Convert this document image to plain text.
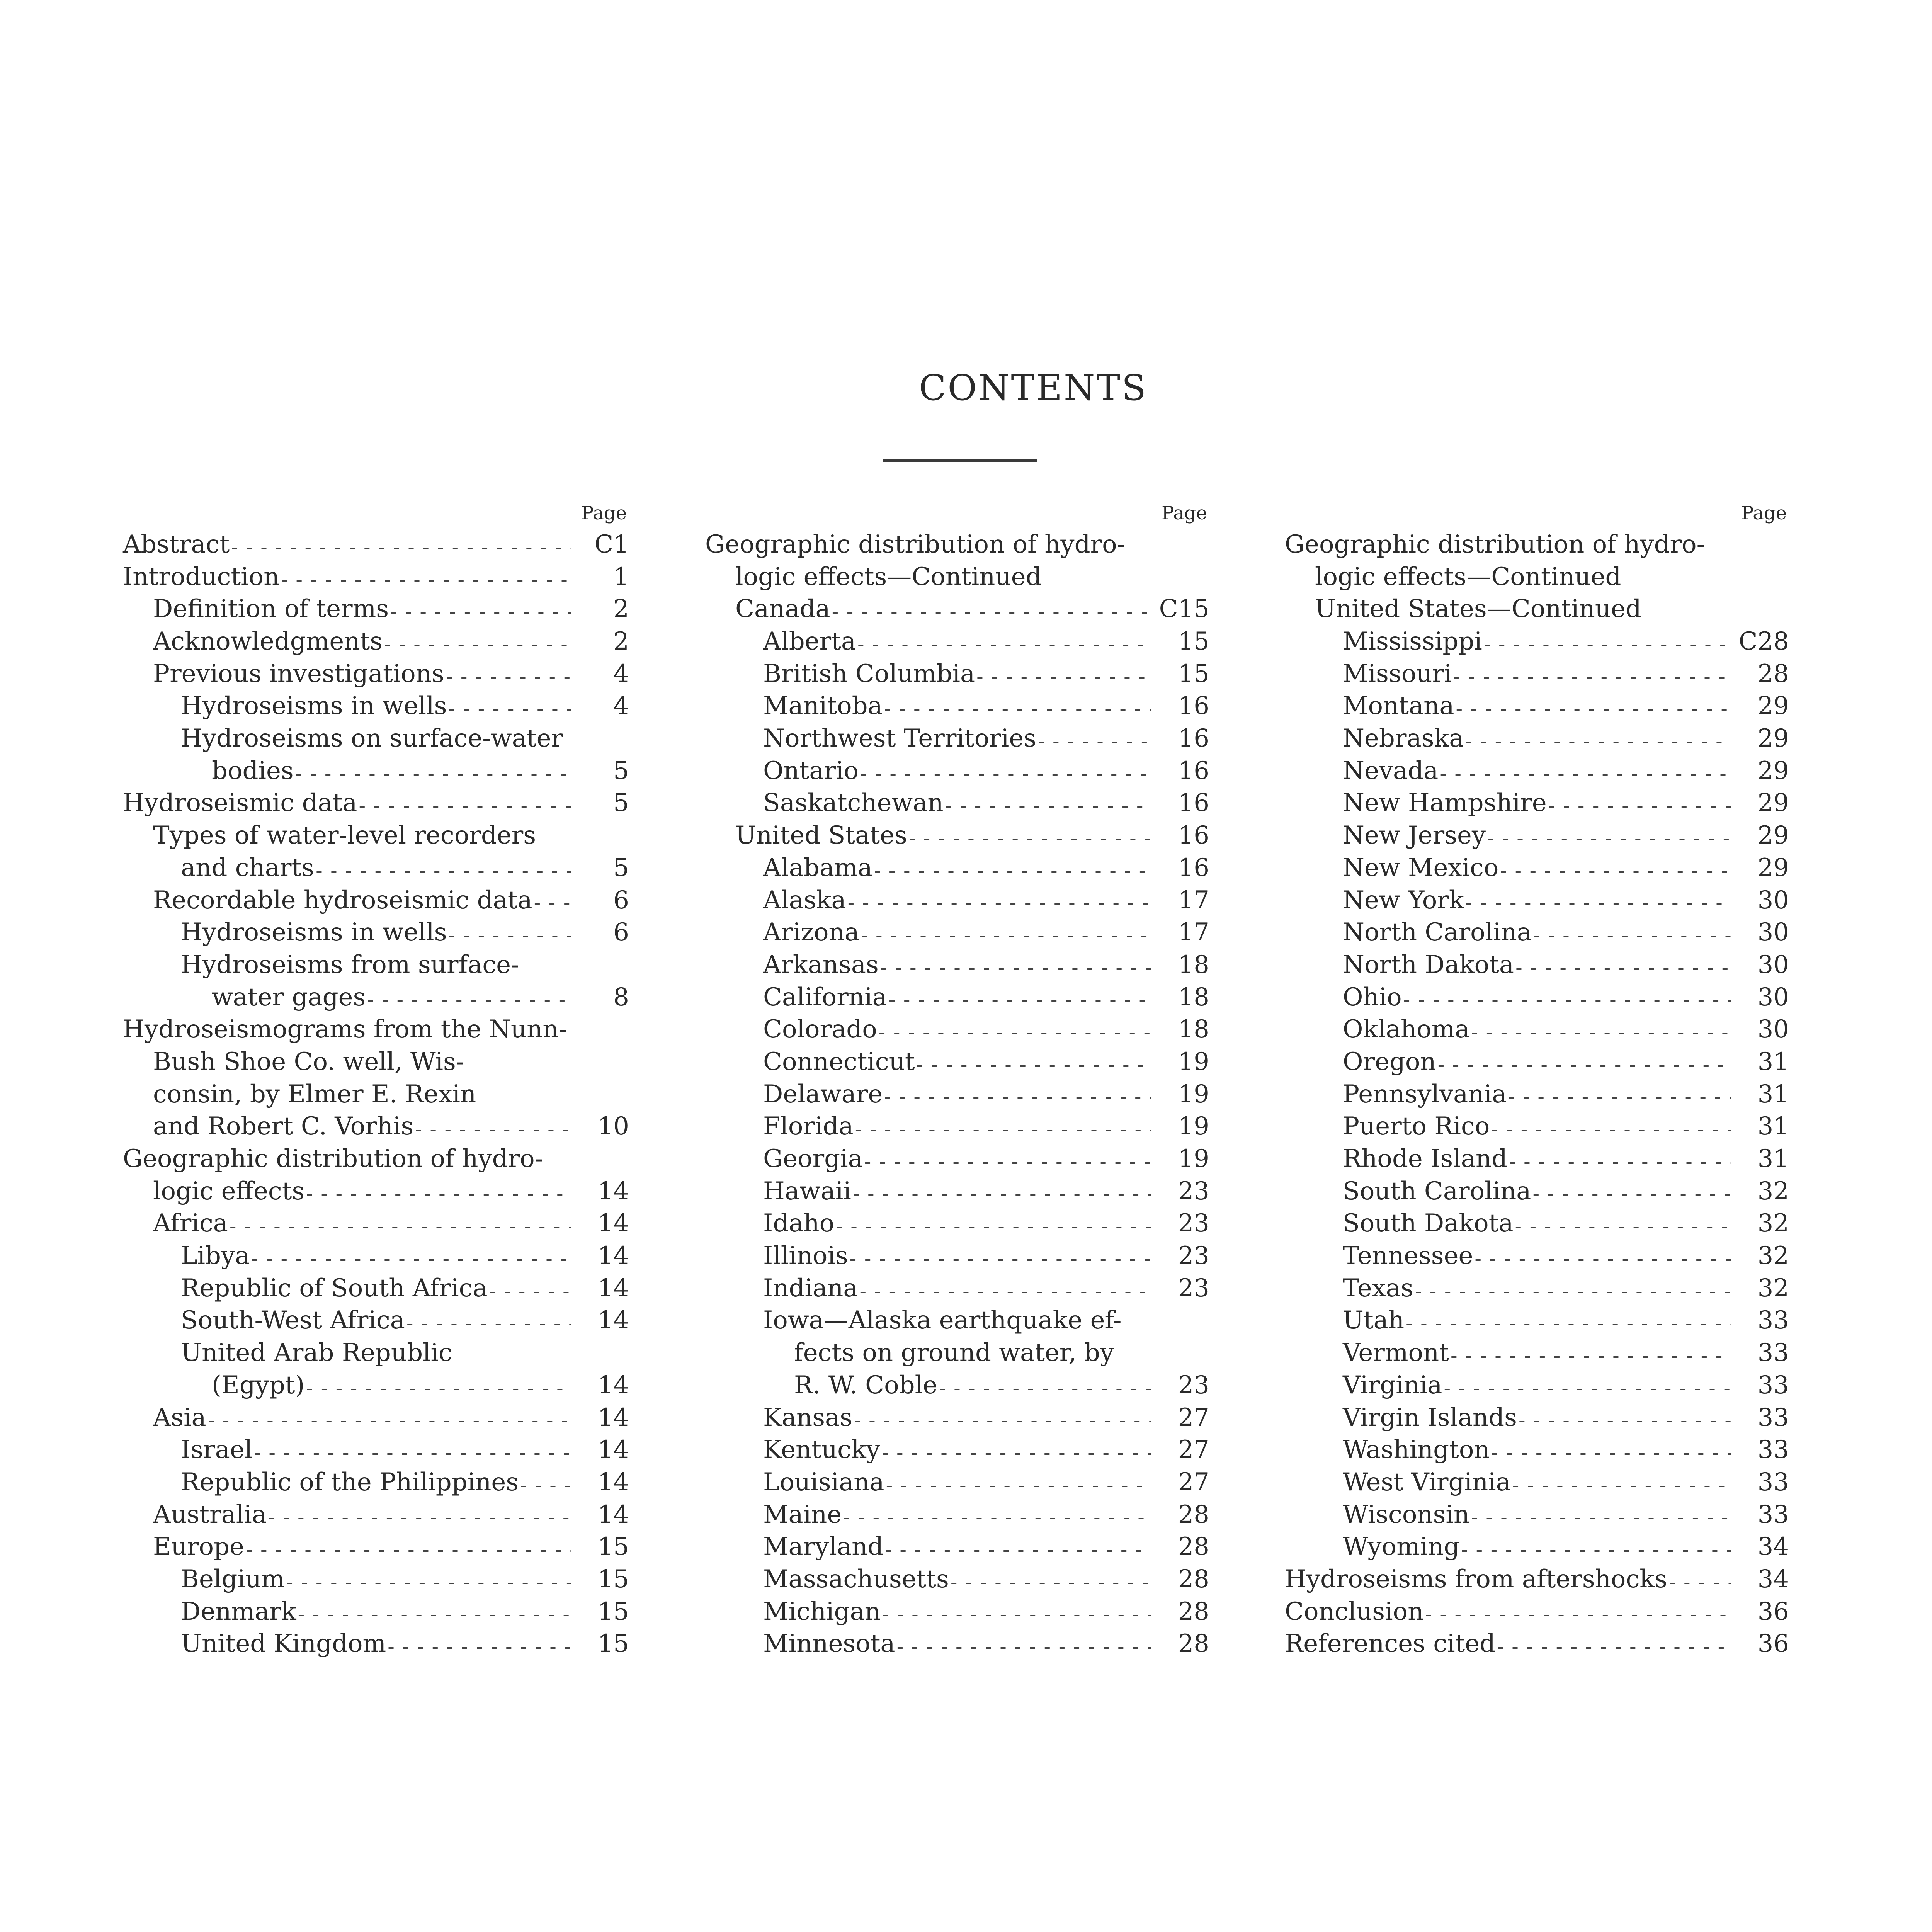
CONTENTS
Page
Abstract - - -	C1
Introduction - - -	1
Definition of terms - - -	2
Acknowledgments - - -	2
Previous investigations - - -	4
Hydroseisms in wells - - -	4
Hydroseisms on surface-water
bodies - - -	5
Hydroseismic data - - -	5
Types of water-level recorders
and charts - - -	5
Recordable hydroseismic data - - -	6
Hydroseisms in wells - - -	6
Hydroseisms from surface-
water gages - - -	8
Hydroseismograms from the Nunn-
Bush Shoe Co. well, Wis-
consin, by Elmer E. Rexin
and Robert C. Vorhis - - -	10
Geographic distribution of hydro-
logic effects - - -	14
Africa - - -	14
Libya - - -	14
Republic of South Africa - - -	14
South-West Africa - - -	14
United Arab Republic
(Egypt) - - -	14
Asia - - -	14
Israel - - -	14
Republic of the Philippines - - -	14
Australia - - -	14
Europe - - -	15
Belgium - - -	15
Denmark - - -	15
United Kingdom - - -	15
Page
Geographic distribution of hydro-
logic effects—Continued
Canada - - -	C15
Alberta - - -	15
British Columbia - - -	15
Manitoba - - -	16
Northwest Territories - - -	16
Ontario - - -	16
Saskatchewan - - -	16
United States - - -	16
Alabama - - -	16
Alaska - - -	17
Arizona - - -	17
Arkansas - - -	18
California - - -	18
Colorado - - -	18
Connecticut - - -	19
Delaware - - -	19
Florida - - -	19
Georgia - - -	19
Hawaii - - -	23
Idaho - - -	23
Illinois - - -	23
Indiana - - -	23
Iowa—Alaska earthquake ef-
fects on ground water, by
R. W. Coble - - -	23
Kansas - - -	27
Kentucky - - -	27
Louisiana - - -	27
Maine - - -	28
Maryland - - -	28
Massachusetts - - -	28
Michigan - - -	28
Minnesota - - -	28
Page
Geographic distribution of hydro-
logic effects—Continued
United States—Continued
Mississippi - - -	C28
Missouri - - -	28
Montana - - -	29
Nebraska - - -	29
Nevada - - -	29
New Hampshire - - -	29
New Jersey - - -	29
New Mexico - - -	29
New York - - -	30
North Carolina - - -	30
North Dakota - - -	30
Ohio - - -	30
Oklahoma - - -	30
Oregon - - -	31
Pennsylvania - - -	31
Puerto Rico - - -	31
Rhode Island - - -	31
South Carolina - - -	32
South Dakota - - -	32
Tennessee - - -	32
Texas - - -	32
Utah - - -	33
Vermont - - -	33
Virginia - - -	33
Virgin Islands - - -	33
Washington - - -	33
West Virginia - - -	33
Wisconsin - - -	33
Wyoming - - -	34
Hydroseisms from aftershocks - - -	34
Conclusion - - -	36
References cited - - -	36
